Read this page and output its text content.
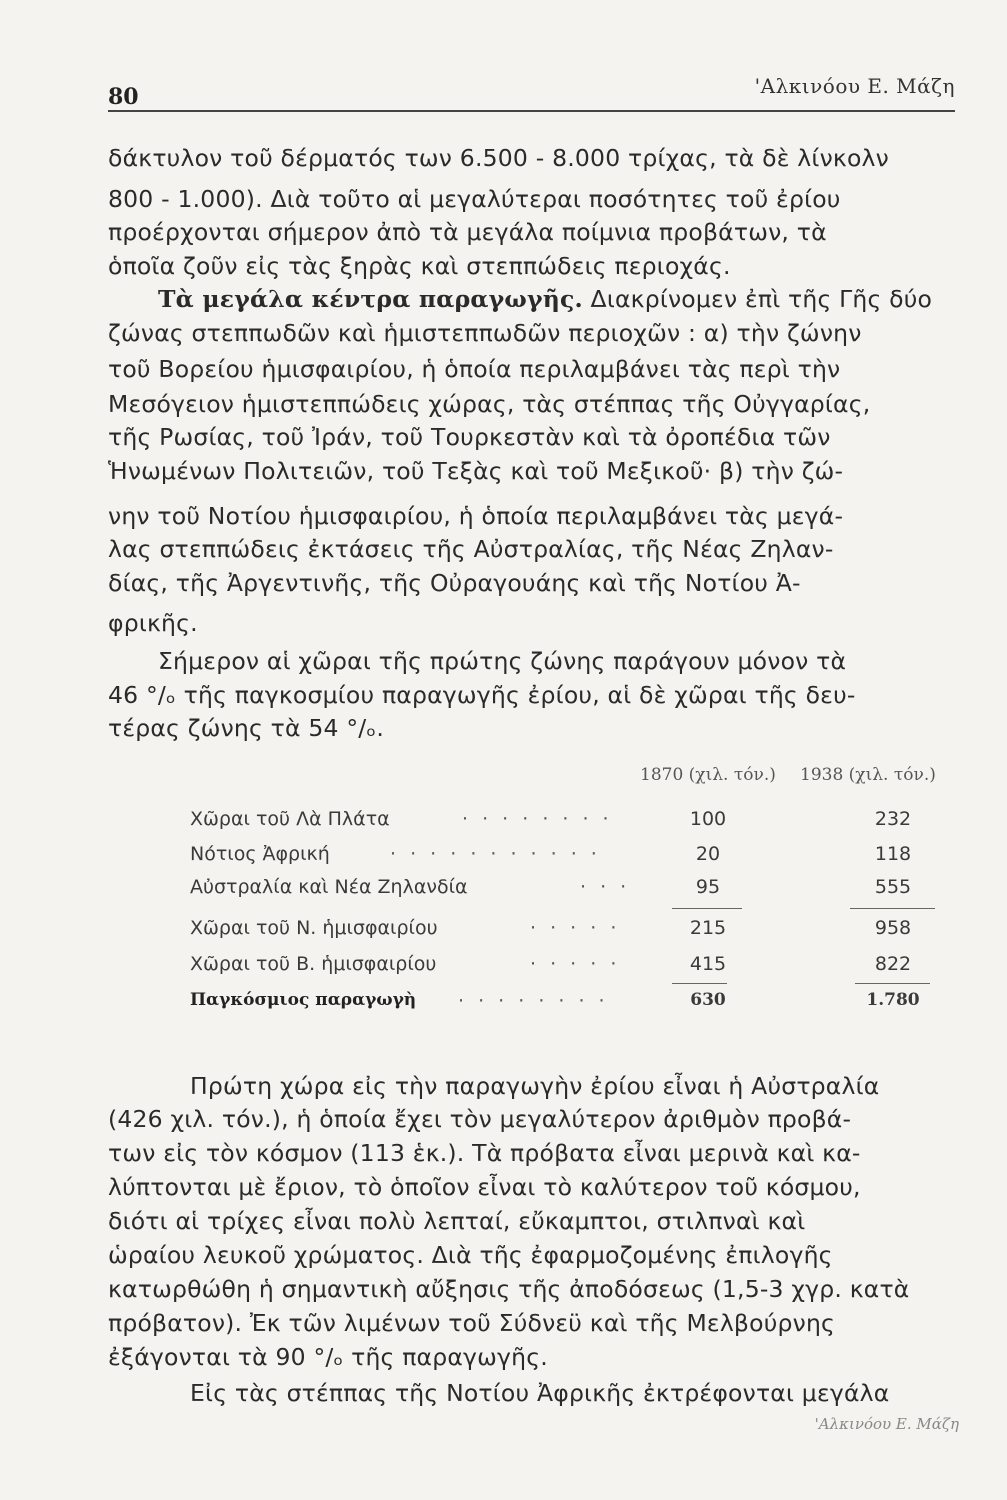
80	'Αλκινόου Ε. Μάζη
δάκτυλον τοῦ δέρματός των 6.500 - 8.000 τρίχας, τὰ δὲ λίνκολν
800 - 1.000). Διὰ τοῦτο αἱ μεγαλύτεραι ποσότητες τοῦ ἐρίου
προέρχονται σήμερον ἀπὸ τὰ μεγάλα ποίμνια προβάτων, τὰ
ὁποῖα ζοῦν εἰς τὰς ξηρὰς καὶ στεππώδεις περιοχάς.
Τὰ μεγάλα κέντρα παραγωγῆς. Διακρίνομεν ἐπὶ τῆς Γῆς δύο
ζώνας στεππωδῶν καὶ ἡμιστεππωδῶν περιοχῶν : α) τὴν ζώνην
τοῦ Βορείου ἡμισφαιρίου, ἡ ὁποία περιλαμβάνει τὰς περὶ τὴν
Μεσόγειον ἡμιστεππώδεις χώρας, τὰς στέππας τῆς Οὐγγαρίας,
τῆς Ρωσίας, τοῦ Ἰράν, τοῦ Τουρκεστὰν καὶ τὰ ὀροπέδια τῶν
Ἡνωμένων Πολιτειῶν, τοῦ Τεξὰς καὶ τοῦ Μεξικοῦ· β) τὴν ζώ-
νην τοῦ Νοτίου ἡμισφαιρίου, ἡ ὁποία περιλαμβάνει τὰς μεγά-
λας στεππώδεις ἐκτάσεις τῆς Αὐστραλίας, τῆς Νέας Ζηλαν-
δίας, τῆς Ἀργεντινῆς, τῆς Οὐραγουάης καὶ τῆς Νοτίου Ἀ-
φρικῆς.
Σήμερον αἱ χῶραι τῆς πρώτης ζώνης παράγουν μόνον τὰ
46 °/ₒ τῆς παγκοσμίου παραγωγῆς ἐρίου, αἱ δὲ χῶραι τῆς δευ-
τέρας ζώνης τὰ 54 °/ₒ.
1870 (χιλ. τόν.) 1938 (χιλ. τόν.)
Χῶραι τοῦ Λὰ Πλάτα	· · · · · · · ·	100	232
Νότιος Ἀφρική	· · · · · · · · · · ·	20	118
Αὐστραλία καὶ Νέα Ζηλανδία	· · ·	95	555
Χῶραι τοῦ Ν. ἡμισφαιρίου	· · · · ·	215	958
Χῶραι τοῦ Β. ἡμισφαιρίου	· · · · ·	415	822
Παγκόσμιος παραγωγὴ · · · · · · · ·	630	1.780
Πρώτη χώρα εἰς τὴν παραγωγὴν ἐρίου εἶναι ἡ Αὐστραλία
(426 χιλ. τόν.), ἡ ὁποία ἔχει τὸν μεγαλύτερον ἀριθμὸν προβά-
των εἰς τὸν κόσμον (113 ἑκ.). Τὰ πρόβατα εἶναι μερινὰ καὶ κα-
λύπτονται μὲ ἔριον, τὸ ὁποῖον εἶναι τὸ καλύτερον τοῦ κόσμου,
διότι αἱ τρίχες εἶναι πολὺ λεπταί, εὔκαμπτοι, στιλπναὶ καὶ
ὡραίου λευκοῦ χρώματος. Διὰ τῆς ἐφαρμοζομένης ἐπιλογῆς
κατωρθώθη ἡ σημαντικὴ αὔξησις τῆς ἀποδόσεως (1,5-3 χγρ. κατὰ
πρόβατον). Ἐκ τῶν λιμένων τοῦ Σύδνεϋ καὶ τῆς Μελβούρνης
ἐξάγονται τὰ 90 °/ₒ τῆς παραγωγῆς.
Εἰς τὰς στέππας τῆς Νοτίου Ἀφρικῆς ἐκτρέφονται μεγάλα
'Αλκινόου Ε. Μάζη
